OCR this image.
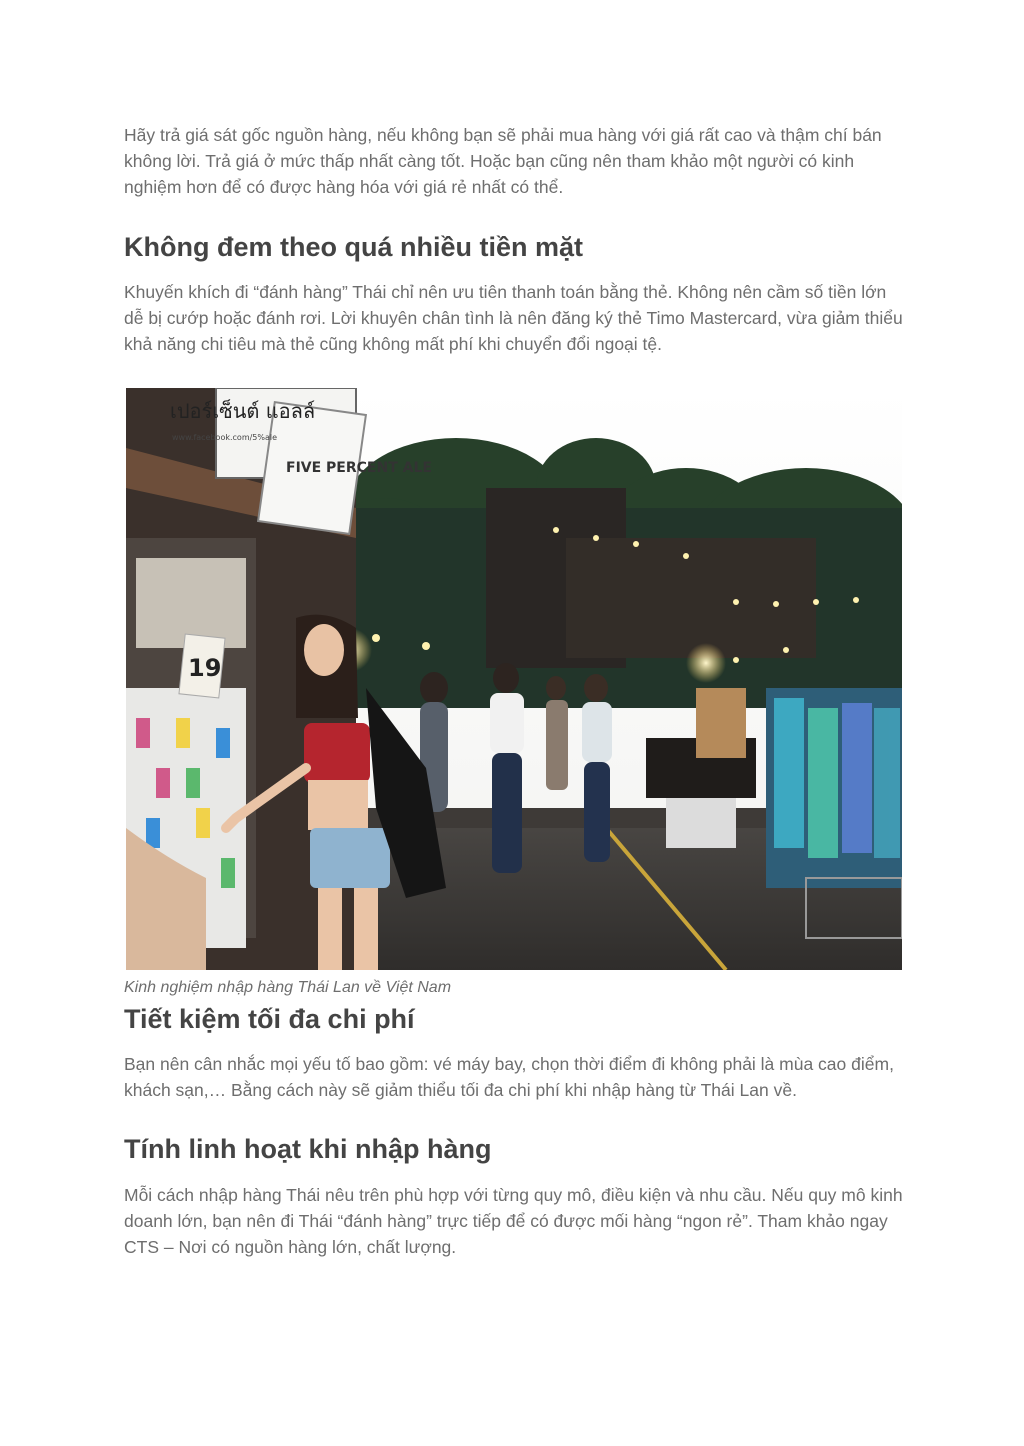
Hãy trả giá sát gốc nguồn hàng, nếu không bạn sẽ phải mua hàng với giá rất cao và thậm chí bán không lời. Trả giá ở mức thấp nhất càng tốt. Hoặc bạn cũng nên tham khảo một người có kinh nghiệm hơn để có được hàng hóa với giá rẻ nhất có thể.

Không đem theo quá nhiều tiền mặt

Khuyến khích đi “đánh hàng” Thái chỉ nên ưu tiên thanh toán bằng thẻ. Không nên cầm số tiền lớn dễ bị cướp hoặc đánh rơi. Lời khuyên chân tình là nên đăng ký thẻ Timo Mastercard, vừa giảm thiểu khả năng chi tiêu mà thẻ cũng không mất phí khi chuyển đổi ngoại tệ.

เปอร์เซ็นต์ แอลล์
FIVE PERCENT ALE
www.facebook.com/5%ale
19
Kinh nghiệm nhập hàng Thái Lan về Việt Nam
Tiết kiệm tối đa chi phí

Bạn nên cân nhắc mọi yếu tố bao gồm: vé máy bay, chọn thời điểm đi không phải là mùa cao điểm, khách sạn,… Bằng cách này sẽ giảm thiểu tối đa chi phí khi nhập hàng từ Thái Lan về.

Tính linh hoạt khi nhập hàng

Mỗi cách nhập hàng Thái nêu trên phù hợp với từng quy mô, điều kiện và nhu cầu. Nếu quy mô kinh doanh lớn, bạn nên đi Thái “đánh hàng” trực tiếp để có được mối hàng “ngon rẻ”. Tham khảo ngay CTS – Nơi có nguồn hàng lớn, chất lượng.
